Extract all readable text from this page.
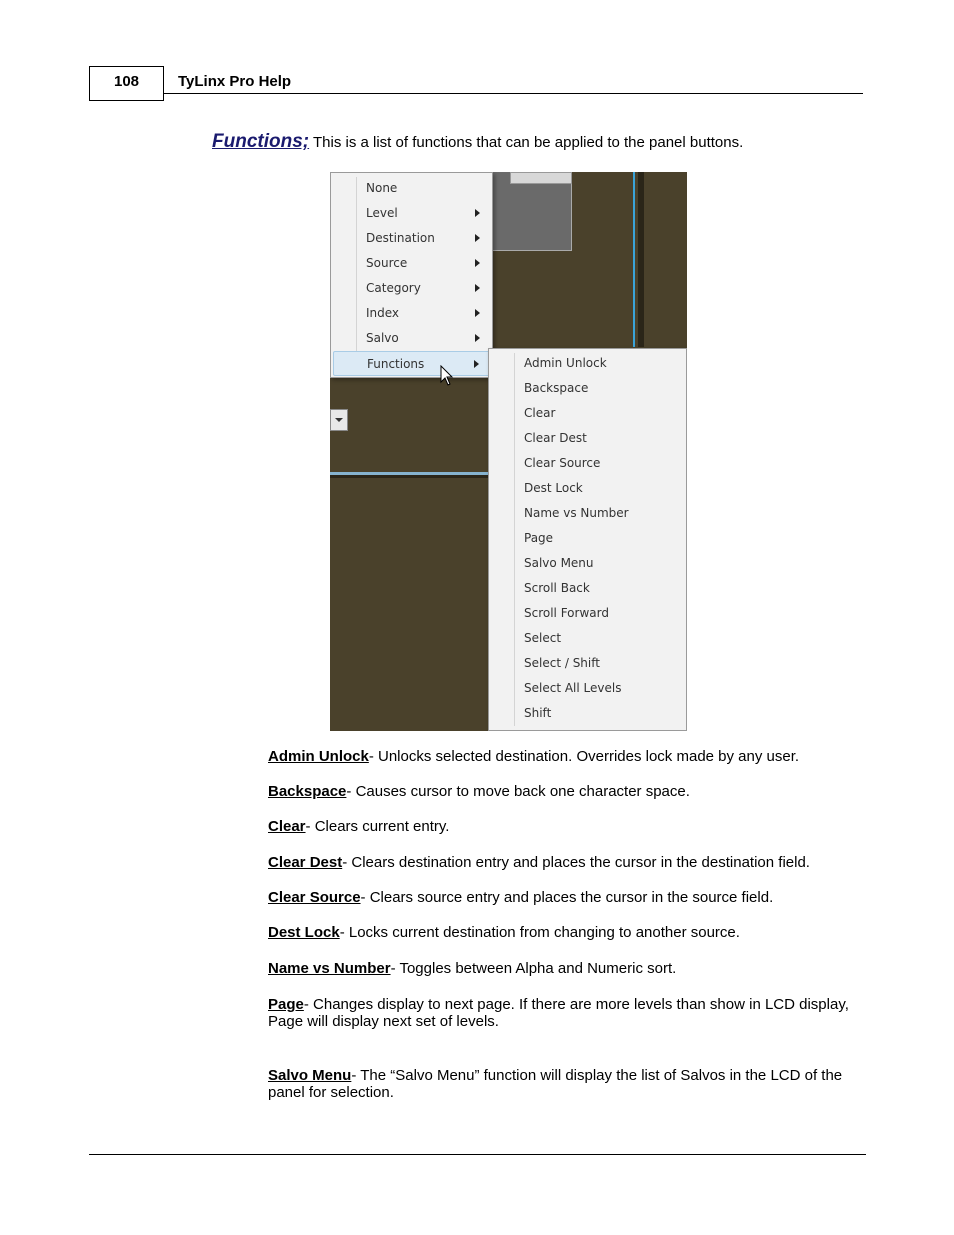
108	TyLinx Pro Help
Functions; This is a list of functions that can be applied to the panel buttons.
None
Level
Destination
Source
Category
Index
Salvo
Functions	Admin Unlock
Backspace
Clear
Clear Dest
Clear Source
Dest Lock
Name vs Number
Page
Salvo Menu
Scroll Back
Scroll Forward
Select
Select / Shift
Select All Levels
Shift
Admin Unlock- Unlocks selected destination. Overrides lock made by any user.
Backspace- Causes cursor to move back one character space.
Clear- Clears current entry.
Clear Dest- Clears destination entry and places the cursor in the destination field.
Clear Source- Clears source entry and places the cursor in the source field.
Dest Lock- Locks current destination from changing to another source.
Name vs Number- Toggles between Alpha and Numeric sort.
Page- Changes display to next page. If there are more levels than show in LCD display, Page will display next set of levels.
Salvo Menu- The “Salvo Menu” function will display the list of Salvos in the LCD of the panel for selection.
